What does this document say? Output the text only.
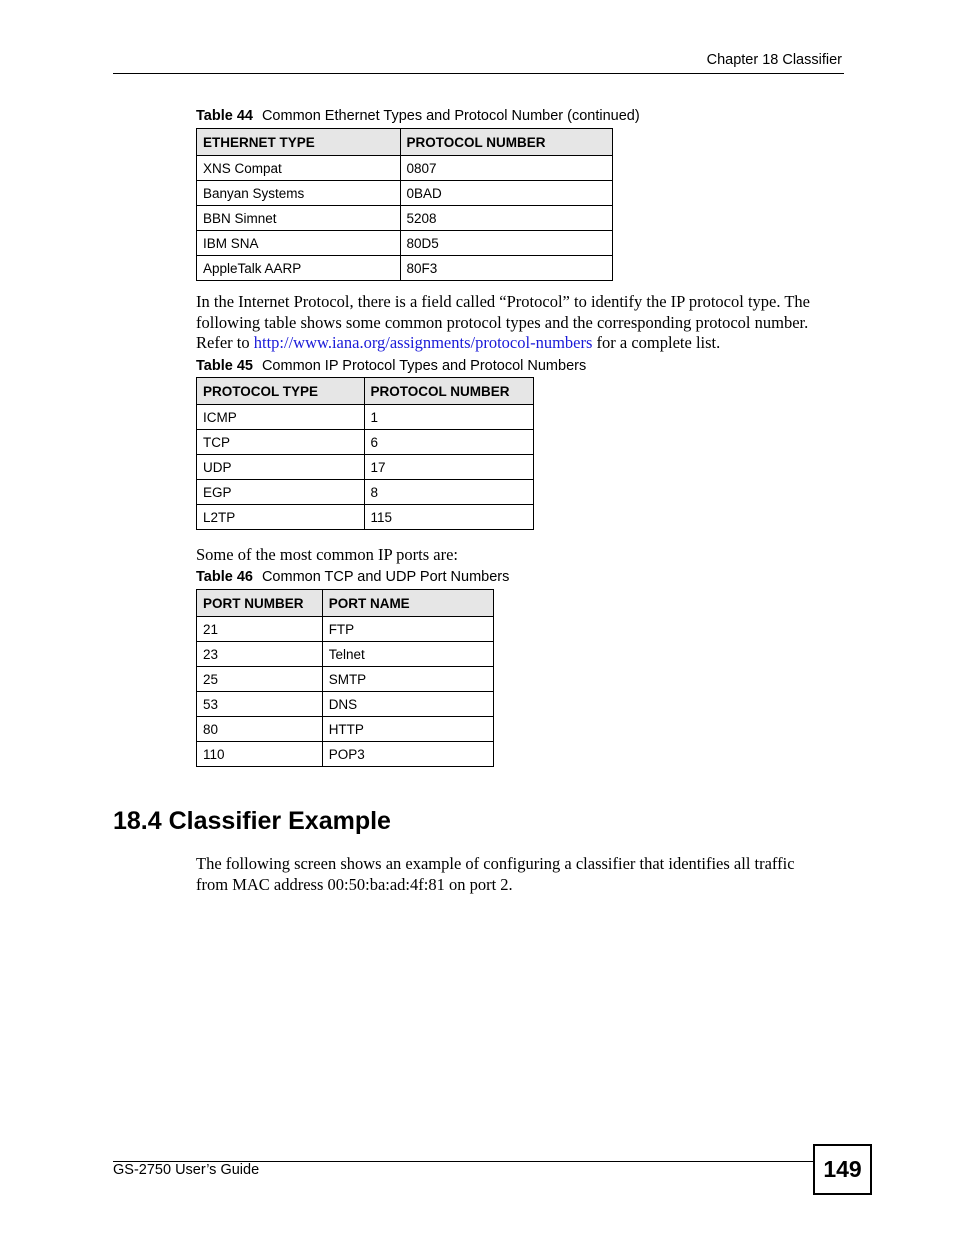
Chapter 18 Classifier
Table 44 Common Ethernet Types and Protocol Number (continued)
ETHERNET TYPE	PROTOCOL NUMBER
XNS Compat	0807
Banyan Systems	0BAD
BBN Simnet	5208
IBM SNA	80D5
AppleTalk AARP	80F3
In the Internet Protocol, there is a field called “Protocol” to identify the IP protocol type. The
following table shows some common protocol types and the corresponding protocol number.
Refer to http://www.iana.org/assignments/protocol-numbers for a complete list.
Table 45 Common IP Protocol Types and Protocol Numbers
PROTOCOL TYPE	PROTOCOL NUMBER
ICMP	1
TCP	6
UDP	17
EGP	8
L2TP	115
Some of the most common IP ports are:
Table 46 Common TCP and UDP Port Numbers
PORT NUMBER	PORT NAME
21	FTP
23	Telnet
25	SMTP
53	DNS
80	HTTP
110	POP3
18.4 Classifier Example
The following screen shows an example of configuring a classifier that identifies all traffic
from MAC address 00:50:ba:ad:4f:81 on port 2.
GS-2750 User’s Guide	149
